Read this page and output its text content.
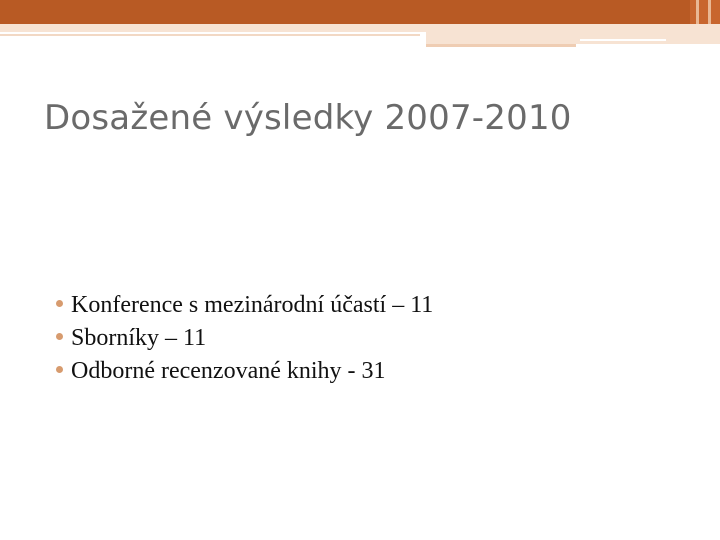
Dosažené výsledky 2007-2010
Konference s mezinárodní účastí – 11
Sborníky – 11
Odborné recenzované knihy - 31
